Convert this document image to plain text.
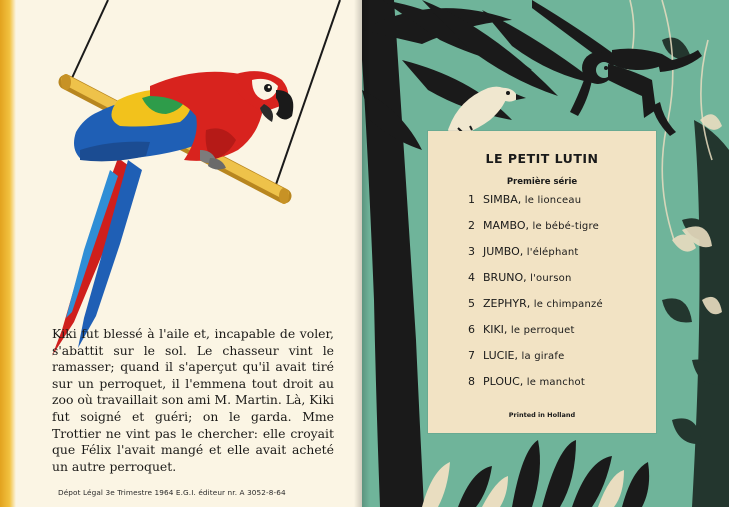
Kiki fut blessé à l'aile et, incapable de voler, s'abattit sur le sol. Le chasseur vint le ramasser; quand il s'aperçut qu'il avait tiré sur un perroquet, il l'emmena tout droit au zoo où travaillait son ami M. Martin. Là, Kiki fut soigné et guéri; on le garda. Mme Trottier ne vint pas le chercher: elle croyait que Félix l'avait mangé et elle avait acheté un autre perroquet.

Dépot Légal 3e Trimestre 1964 E.G.I. éditeur nr. A 3052-8-64
LE PETIT LUTIN
Première série
1 SIMBA, le lionceau
2 MAMBO, le bébé-tigre
3 JUMBO, l'éléphant
4 BRUNO, l'ourson
5 ZEPHYR, le chimpanzé
6 KIKI, le perroquet
7 LUCIE, la girafe
8 PLOUC, le manchot
Printed in Holland
